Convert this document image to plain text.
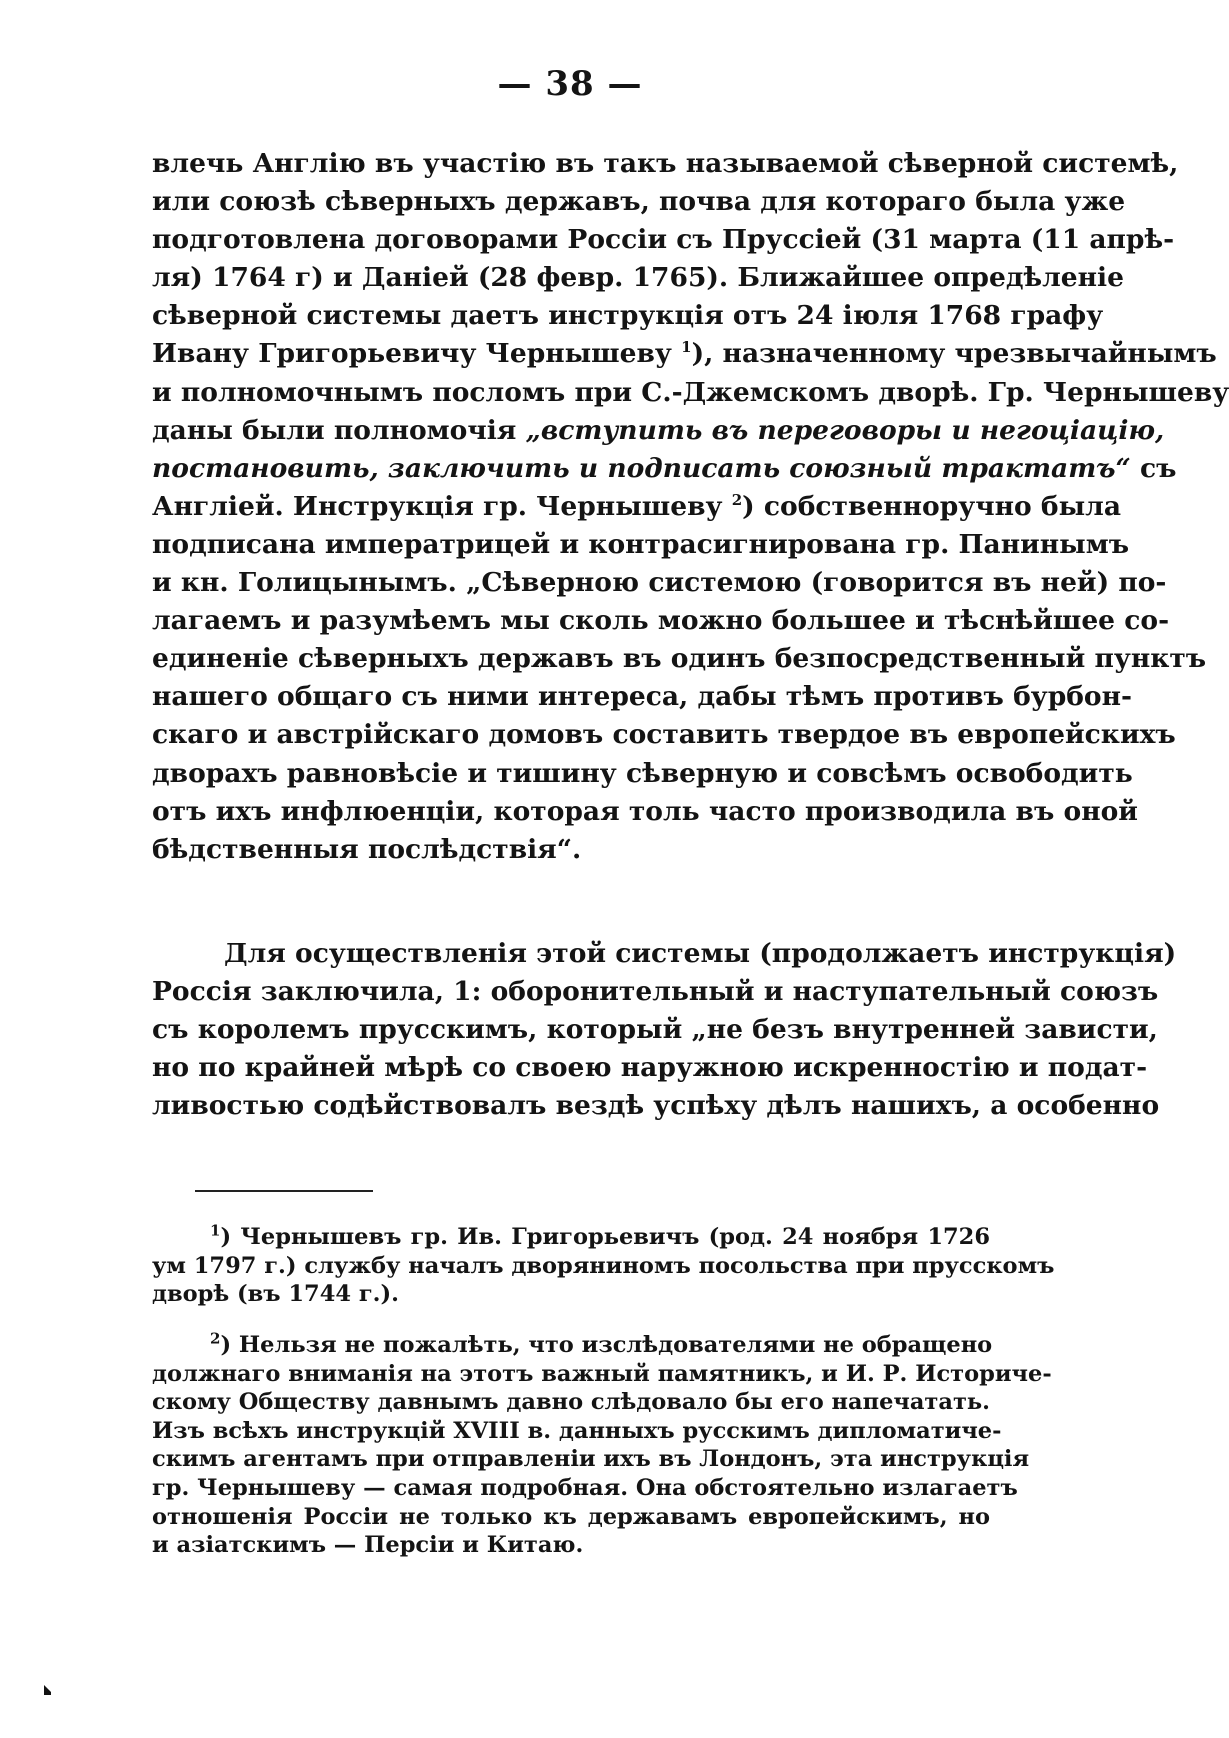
— 38 —
влечь Англію въ участію въ такъ называемой сѣверной системѣ,
или союзѣ сѣверныхъ державъ, почва для котораго была уже
подготовлена договорами Россіи съ Пруссіей (31 марта (11 апрѣ-
ля) 1764 г) и Даніей (28 февр. 1765). Ближайшее опредѣленіе
сѣверной системы даетъ инструкція отъ 24 іюля 1768 графу
Ивану Григорьевичу Чернышеву $^1$), назначенному чрезвычайнымъ
и полномочнымъ посломъ при С.-Джемскомъ дворѣ. Гр. Чернышеву
даны были полномочія „вступить въ переговоры и негоціацію,
постановить, заключить и подписать союзный трактатъ“ съ
Англіей. Инструкція гр. Чернышеву $^2$) собственноручно была
подписана императрицей и контрасигнирована гр. Панинымъ
и кн. Голицынымъ. „Сѣверною системою (говорится въ ней) по-
лагаемъ и разумѣемъ мы сколь можно большее и тѣснѣйшее со-
единеніе сѣверныхъ державъ въ одинъ безпосредственный пунктъ
нашего общаго съ ними интереса, дабы тѣмъ противъ бурбон-
скаго и австрійскаго домовъ составить твердое въ европейскихъ
дворахъ равновѣсіе и тишину сѣверную и совсѣмъ освободить
отъ ихъ инфлюенціи, которая толь часто производила въ оной
бѣдственныя послѣдствія“.
Для осуществленія этой системы (продолжаетъ инструкція)
Россія заключила, 1: оборонительный и наступательный союзъ
съ королемъ прусскимъ, который „не безъ внутренней зависти,
но по крайней мѣрѣ со своею наружною искренностію и подат-
ливостью содѣйствовалъ вездѣ успѣху дѣлъ нашихъ, а особенно
$^1$) Чернышевъ гр. Ив. Григорьевичъ (род. 24 ноября 1726
ум 1797 г.) службу началъ дворяниномъ посольства при прусскомъ
дворѣ (въ 1744 г.).
$^2$) Нельзя не пожалѣть, что изслѣдователями не обращено
должнаго вниманія на этотъ важный памятникъ, и И. Р. Историче-
скому Обществу давнымъ давно слѣдовало бы его напечатать.
Изъ всѣхъ инструкцій XVIII в. данныхъ русскимъ дипломатиче-
скимъ агентамъ при отправленіи ихъ въ Лондонъ, эта инструкція
гр. Чернышеву — самая подробная. Она обстоятельно излагаетъ
отношенія Россіи не только къ державамъ европейскимъ, но
и азіатскимъ — Персіи и Китаю.
